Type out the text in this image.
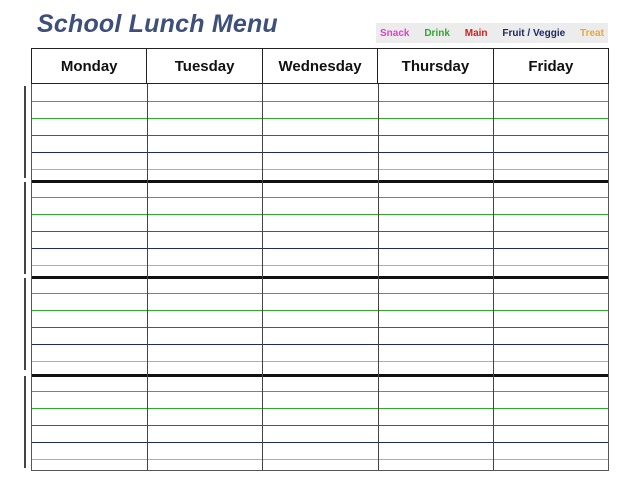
School Lunch Menu	Snack Drink Main Fruit / Veggie Treat
Monday	Tuesday	Wednesday	Thursday	Friday
